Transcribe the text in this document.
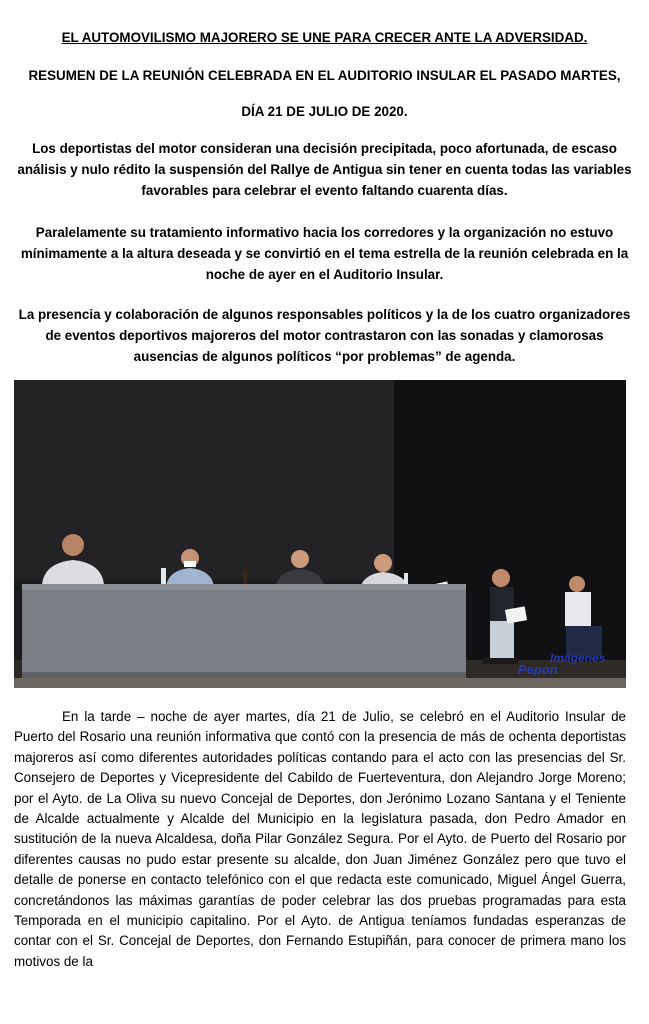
EL AUTOMOVILISMO MAJORERO SE UNE PARA CRECER ANTE LA ADVERSIDAD.
RESUMEN DE LA REUNIÓN CELEBRADA EN EL AUDITORIO INSULAR EL PASADO MARTES,
DÍA 21 DE JULIO DE 2020.
Los deportistas del motor consideran una decisión precipitada, poco afortunada, de escaso análisis y nulo rédito la suspensión del Rallye de Antigua sin tener en cuenta todas las variables favorables para celebrar el evento faltando cuarenta días.
Paralelamente su tratamiento informativo hacia los corredores y la organización no estuvo mínimamente a la altura deseada y se convirtió en el tema estrella de la reunión celebrada en la noche de ayer en el Auditorio Insular.
La presencia y colaboración de algunos responsables políticos y la de los cuatro organizadores de eventos deportivos majoreros del motor contrastaron con las sonadas y clamorosas ausencias de algunos políticos “por problemas” de agenda.
Imágenes
Pepon

En la tarde – noche de ayer martes, día 21 de Julio, se celebró en el Auditorio Insular de Puerto del Rosario una reunión informativa que contó con la presencia de más de ochenta deportistas majoreros así como diferentes autoridades políticas contando para el acto con las presencias del Sr. Consejero de Deportes y Vicepresidente del Cabildo de Fuerteventura, don Alejandro Jorge Moreno; por el Ayto. de La Oliva su nuevo Concejal de Deportes, don Jerónimo Lozano Santana y el Teniente de Alcalde actualmente y Alcalde del Municipio en la legislatura pasada, don Pedro Amador en sustitución de la nueva Alcaldesa, doña Pilar González Segura. Por el Ayto. de Puerto del Rosario por diferentes causas no pudo estar presente su alcalde, don Juan Jiménez González pero que tuvo el detalle de ponerse en contacto telefónico con el que redacta este comunicado, Miguel Ángel Guerra, concretándonos las máximas garantías de poder celebrar las dos pruebas programadas para esta Temporada en el municipio capitalino. Por el Ayto. de Antigua teníamos fundadas esperanzas de contar con el Sr. Concejal de Deportes, don Fernando Estupiñán, para conocer de primera mano los motivos de la
